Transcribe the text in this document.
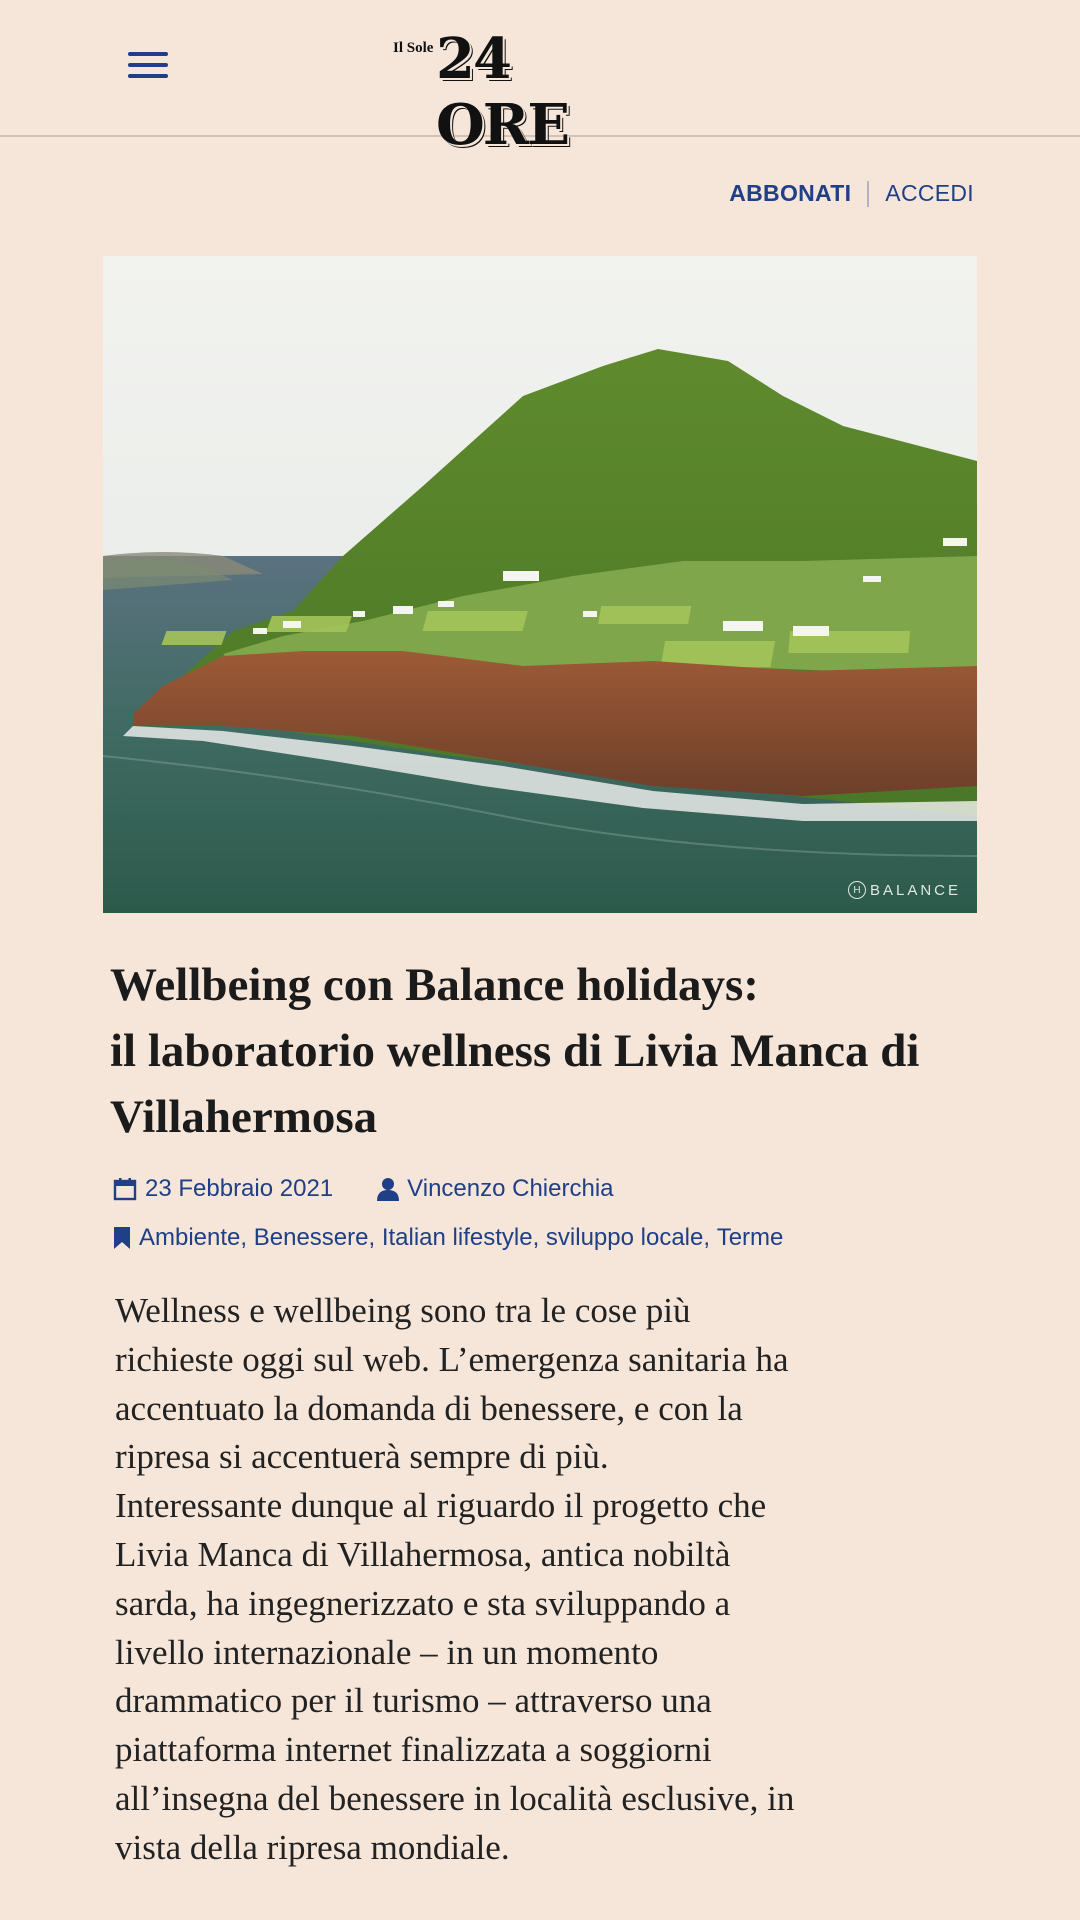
Il Sole 24 ORE
ABBONATI ACCEDI
H BALANCE
Wellbeing con Balance holidays:
il laboratorio wellness di Livia Manca di
Villahermosa
23 Febbraio 2021	Vincenzo Chierchia
Ambiente , Benessere , Italian lifestyle , sviluppo locale , Terme
Wellness e wellbeing sono tra le cose più
richieste oggi sul web. L’emergenza sanitaria ha
accentuato la domanda di benessere, e con la
ripresa si accentuerà sempre di più.
Interessante dunque al riguardo il progetto che
Livia Manca di Villahermosa, antica nobiltà
sarda, ha ingegnerizzato e sta sviluppando a
livello internazionale – in un momento
drammatico per il turismo – attraverso una
piattaforma internet finalizzata a soggiorni
all’insegna del benessere in località esclusive, in
vista della ripresa mondiale.
